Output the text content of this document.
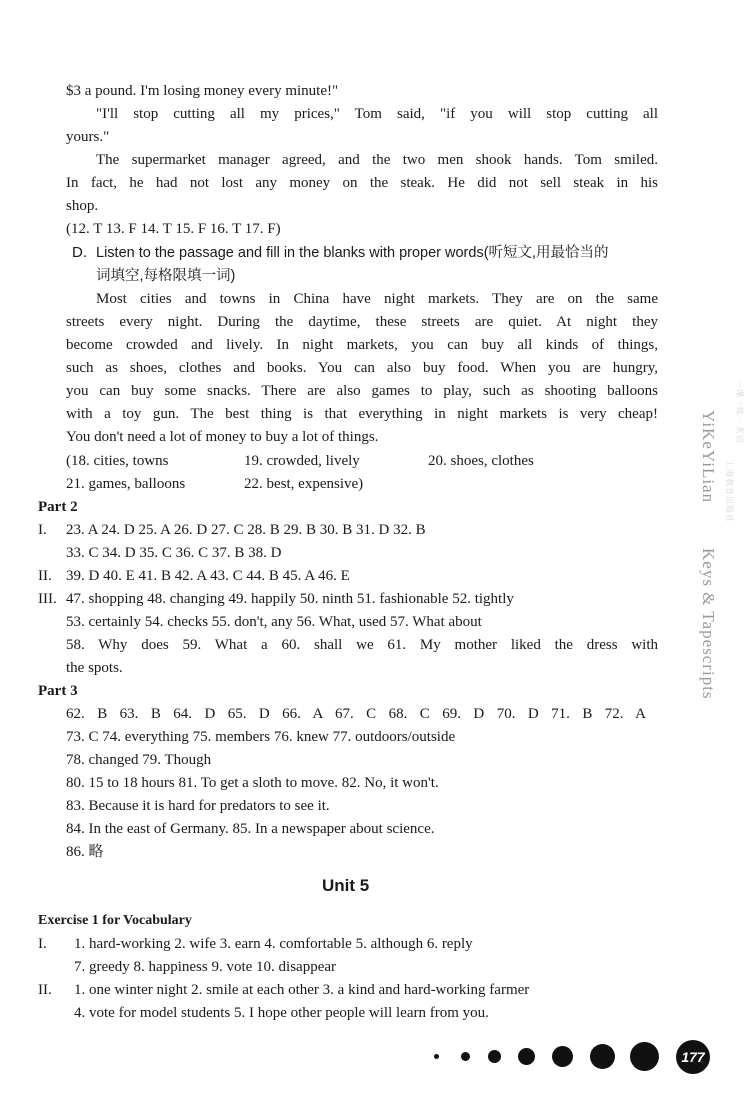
$3 a pound. I'm losing money every minute!"
"I'll stop cutting all my prices," Tom said, "if you will stop cutting all
yours."
The supermarket manager agreed, and the two men shook hands. Tom smiled.
In fact, he had not lost any money on the steak. He did not sell steak in his
shop.
(12. T 13. F 14. T 15. F 16. T 17. F)
D. Listen to the passage and fill in the blanks with proper words(听短文,用最恰当的
词填空,每格限填一词)
Most cities and towns in China have night markets. They are on the same
streets every night. During the daytime, these streets are quiet. At night they
become crowded and lively. In night markets, you can buy all kinds of things,
such as shoes, clothes and books. You can also buy food. When you are hungry,
you can buy some snacks. There are also games to play, such as shooting balloons
with a toy gun. The best thing is that everything in night markets is very cheap!
You don't need a lot of money to buy a lot of things.
(18. cities, towns	19. crowded, lively	20. shoes, clothes
21. games, balloons	22. best, expensive)
Part 2
I. 23. A 24. D 25. A 26. D 27. C 28. B 29. B 30. B 31. D 32. B
33. C 34. D 35. C 36. C 37. B 38. D
II. 39. D 40. E 41. B 42. A 43. C 44. B 45. A 46. E
III. 47. shopping 48. changing 49. happily 50. ninth 51. fashionable 52. tightly
53. certainly 54. checks 55. don't, any 56. What, used 57. What about
58. Why does 59. What a 60. shall we 61. My mother liked the dress with
the spots.
Part 3
62. B 63. B 64. D 65. D 66. A 67. C 68. C 69. D 70. D 71. B 72. A
73. C 74. everything 75. members 76. knew 77. outdoors/outside
78. changed 79. Though
80. 15 to 18 hours 81. To get a sloth to move. 82. No, it won't.
83. Because it is hard for predators to see it.
84. In the east of Germany. 85. In a newspaper about science.
86. 略
Unit 5
Exercise 1 for Vocabulary
I. 1. hard-working 2. wife 3. earn 4. comfortable 5. although 6. reply
7. greedy 8. happiness 9. vote 10. disappear
II. 1. one winter night 2. smile at each other 3. a kind and hard-working farmer
4. vote for model students 5. I hope other people will learn from you.
一课一练 · 英语
上海教育出版社
YiKeYiLian
Keys & Tapescripts
177
